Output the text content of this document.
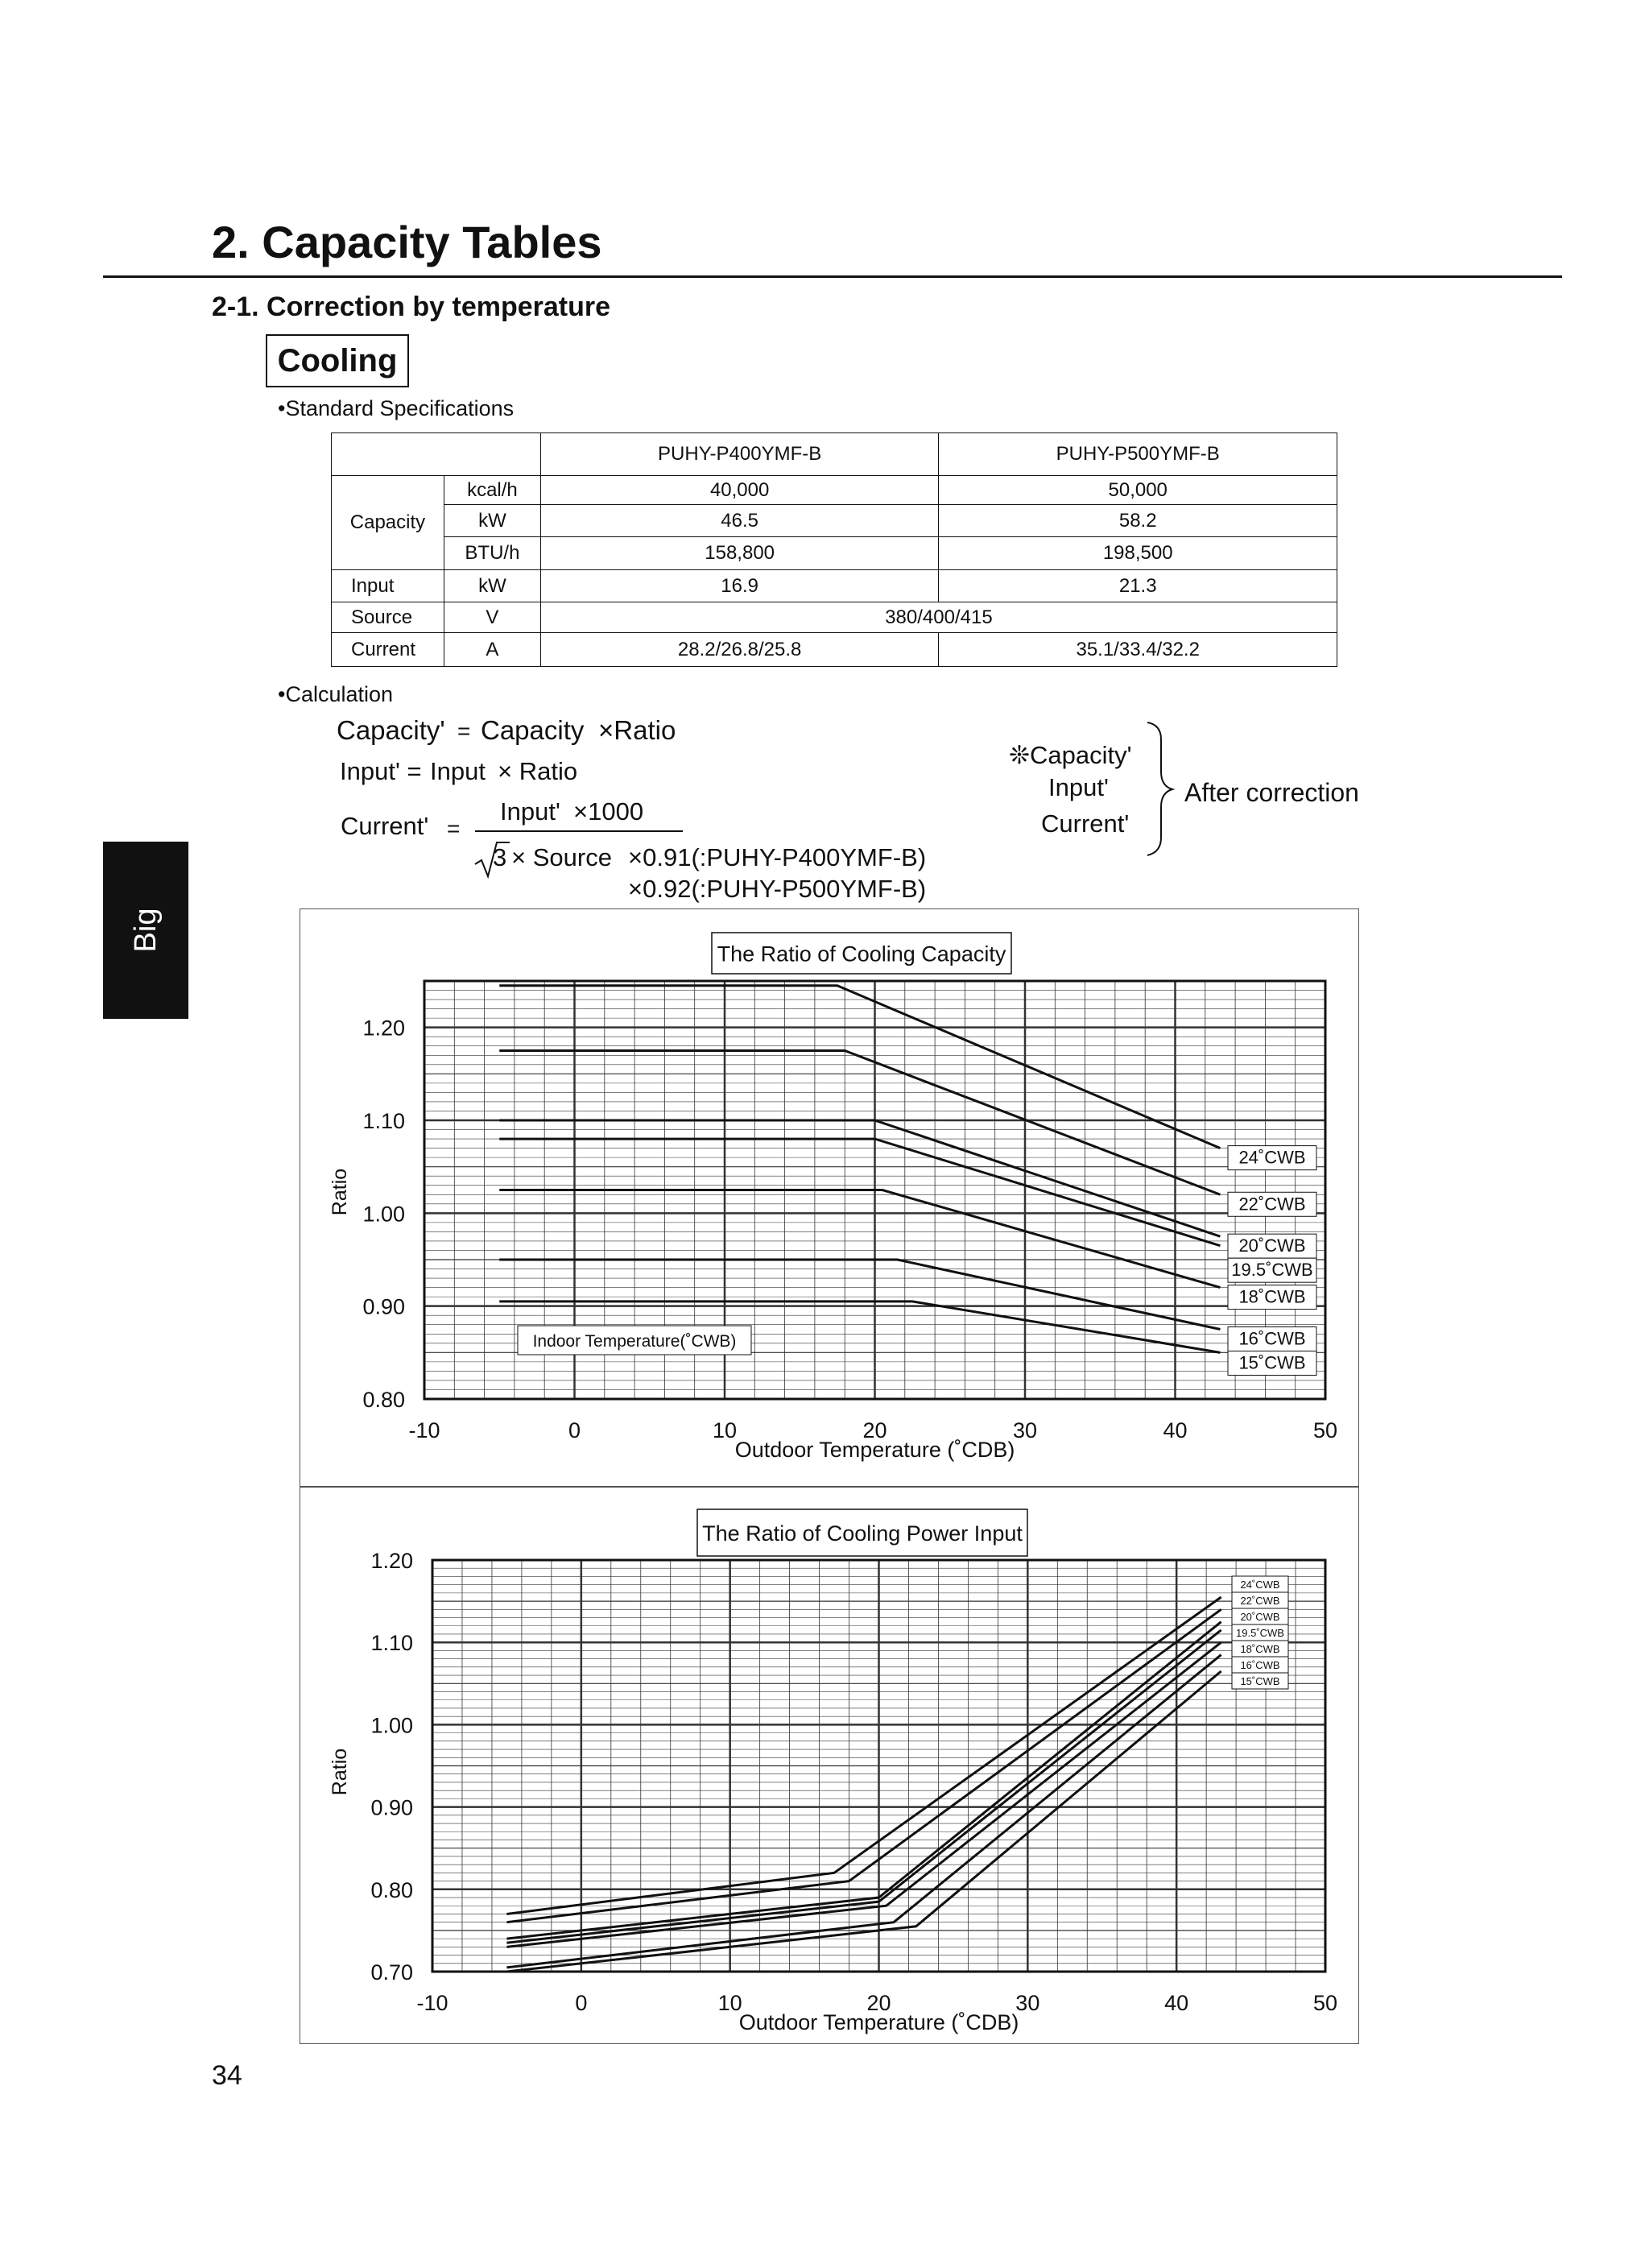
2. Capacity Tables
2-1. Correction by temperature
Cooling
•Standard Specifications
		PUHY-P400YMF-B	PUHY-P500YMF-B
Capacity	kcal/h	40,000	50,000
	kW	46.5	58.2
	BTU/h	158,800	198,500
Input	kW	16.9	21.3
Source	V	380/400/415	
Current	A	28.2/26.8/25.8	35.1/33.4/32.2
•Calculation
Capacity' = Capacity ×Ratio
Input' = Input × Ratio
Current' =
Input' ×1000
3 × Source ×0.91(:PUHY-P400YMF-B)
×0.92(:PUHY-P500YMF-B)
❊Capacity'
Input'
Current'
After correction
Big Y(R407C)
-10	0	10	20	30	40	50
1.20
1.10
1.00
0.90
0.80
The Ratio of Cooling Capacity
Outdoor Temperature (˚CDB)
Ratio
Indoor Temperature(˚CWB)
24˚CWB
22˚CWB
20˚CWB
19.5˚CWB
18˚CWB
16˚CWB
15˚CWB
-10	0	10	20	30	40	50
1.20
1.10
1.00
0.90
0.80
0.70
The Ratio of Cooling Power Input
Outdoor Temperature (˚CDB)
Ratio
24˚CWB
22˚CWB
20˚CWB
19.5˚CWB
18˚CWB
16˚CWB
15˚CWB
34
